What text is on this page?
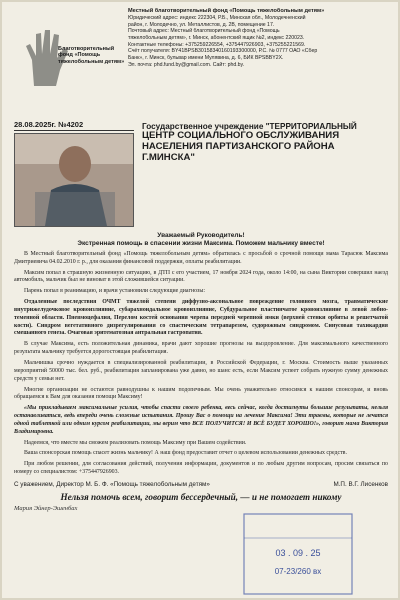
Благотворительный фонд «Помощь тяжелобольным детям»
Местный благотворительный фонд «Помощь тяжелобольным детям»
Юридический адрес: индекс 222304, Р.Б., Минская обл., Молодечненский
район, г. Молодечно, ул. Металлистов, д. 2В, помещение 17.
Почтовый адрес: Местный благотворительный фонд «Помощь
тяжелобольным детям», г. Минск, абонентский ящик №2, индекс 220023.
Контактные телефоны: +375259226554, +375447926903, +375255221569.
Счёт получателя: BY41BPSB30158340160193300000, Р.С. № 0777 ОАО «Сбер
Банк», г. Минск, бульвар имени Мулявина, д. 6, БИК BPSBBY2X.
Эл. почта: phd.fund.by@gmail.com. Сайт: phd.by.
28.08.2025г. №4202	Государственное учреждение "ТЕРРИТОРИАЛЬНЫЙ
ЦЕНТР СОЦИАЛЬНОГО ОБСЛУЖИВАНИЯ
НАСЕЛЕНИЯ ПАРТИЗАНСКОГО РАЙОНА
Г.МИНСКА"
Уважаемый Руководитель!
Экстренная помощь в спасении жизни Максима. Поможем мальчику вместе!

В Местный благотворительный фонд «Помощь тяжелобольным детям» обратилась с просьбой о срочной помощи мама Тарасюк Максима Дмитриевича 04.02.2010 г. р., для оказания финансовой поддержки, оплаты реабилитации.

Максим попал в страшную жизненную ситуацию, в ДТП с его участием, 17 ноября 2024 года, около 14:00, на сына Виктории совершил наезд автомобиль, мальчик был не виноват в этой сложившейся ситуации.

Парень попал в реанимацию, и врачи установили следующие диагнозы:

Отдаленные последствия ОЧМТ тяжелой степени диффузно-аксональное повреждение головного мозга, травматические внутрижелудочковое кровоизлияние, субарахноидальное кровоизлияние, Субдуральное пластинчатое кровоизлияние в левой лобно-теменной области. Пневмоцефалия, Перелом костей основания черепа передней черепной ямки (верхней стенки орбиты и решетчатой кости). Синдром вегетативного дизрегулирования со спастическим тетрапарезом, судорожным синдромом. Синусовая тахикардия смешанного генеза. Очаговая эритематозная антральная гастропатия.

В случае Максима, есть положительная динамика, врачи дают хорошие прогнозы на выздоровление. Для максимального качественного результата мальчику требуется дорогостоящая реабилитация.

Мальчишка срочно нуждается в специализированной реабилитации, в Российской Федерации, г. Москва. Стоимость выше указанных мероприятий 50000 тыс. бел. руб., реабилитация запланирована уже давно, но шанс есть, если Максим успеет собрать нужную сумму денежных средств у семьи нет.

Многие организации не остаются равнодушны к нашим подопечным. Мы очень уважительно относимся к нашим спонсорам, и вновь обращаемся к Вам для оказания помощи Максиму!

«Мы прикладываем максимальные усилия, чтобы спасти своего ребенка, весь сейчас, когда достигнуты большие результаты, нельзя останавливаться, ведь впереди очень сложные испытания. Прошу Вас о помощи на лечение Максима! Эти травмы, которые не лечатся одной таблеткой или одним курсом реабилитации, мы верим что ВСЕ ПОЛУЧИТСЯ! И ВСЁ БУДЕТ ХОРОШО!», говорит мама Виктория Владимировна.

Надеемся, что вместе мы сможем реализовать помощь Максиму при Вашем содействии.

Ваша спонсорская помощь спасет жизнь мальчику! А наш фонд предоставит отчет о целевом использовании денежных средств.

При любом решении, для согласования действий, получения информации, документов и по любым другим вопросам, просим связаться по номеру со специалистом: +375447926903.

С уважением, Директор М. Б. Ф. «Помощь тяжелобольным детям»	М.П. В.Г. Лисенков
Нельзя помочь всем, говорит бессердечный, — и не помогает никому
Мария Эйнер-Эшенбах
03 . 09 . 25
07-23/260 вх
